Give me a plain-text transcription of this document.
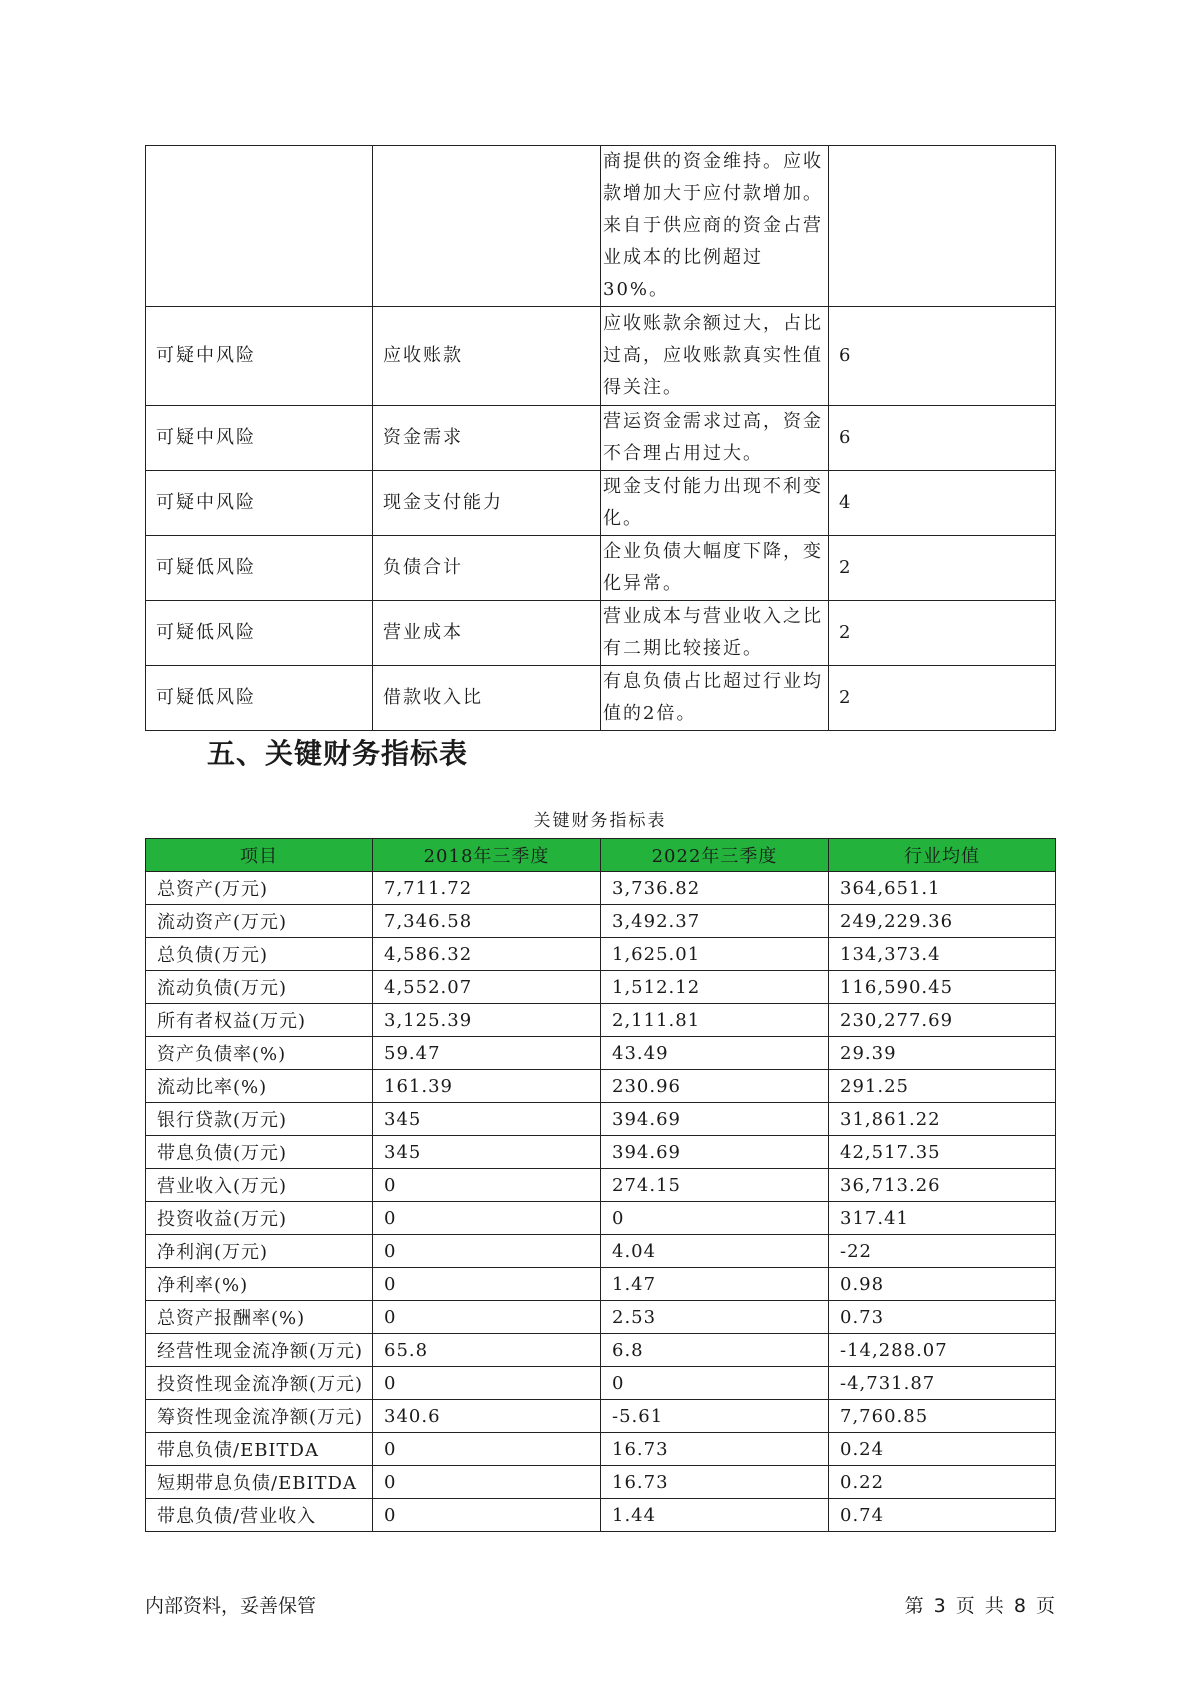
		商提供的资金维持。应收款增加大于应付款增加。来自于供应商的资金占营业成本的比例超过30%。	
可疑中风险	应收账款	应收账款余额过大，占比过高，应收账款真实性值得关注。	6
可疑中风险	资金需求	营运资金需求过高，资金不合理占用过大。	6
可疑中风险	现金支付能力	现金支付能力出现不利变化。	4
可疑低风险	负债合计	企业负债大幅度下降，变化异常。	2
可疑低风险	营业成本	营业成本与营业收入之比有二期比较接近。	2
可疑低风险	借款收入比	有息负债占比超过行业均值的2倍。	2
五、关键财务指标表
关键财务指标表
项目	2018年三季度	2022年三季度	行业均值
总资产(万元)	7,711.72	3,736.82	364,651.1
流动资产(万元)	7,346.58	3,492.37	249,229.36
总负债(万元)	4,586.32	1,625.01	134,373.4
流动负债(万元)	4,552.07	1,512.12	116,590.45
所有者权益(万元)	3,125.39	2,111.81	230,277.69
资产负债率(%)	59.47	43.49	29.39
流动比率(%)	161.39	230.96	291.25
银行贷款(万元)	345	394.69	31,861.22
带息负债(万元)	345	394.69	42,517.35
营业收入(万元)	0	274.15	36,713.26
投资收益(万元)	0	0	317.41
净利润(万元)	0	4.04	-22
净利率(%)	0	1.47	0.98
总资产报酬率(%)	0	2.53	0.73
经营性现金流净额(万元)	65.8	6.8	-14,288.07
投资性现金流净额(万元)	0	0	-4,731.87
筹资性现金流净额(万元)	340.6	-5.61	7,760.85
带息负债/EBITDA	0	16.73	0.24
短期带息负债/EBITDA	0	16.73	0.22
带息负债/营业收入	0	1.44	0.74
内部资料，妥善保管	第 3 页 共 8 页
